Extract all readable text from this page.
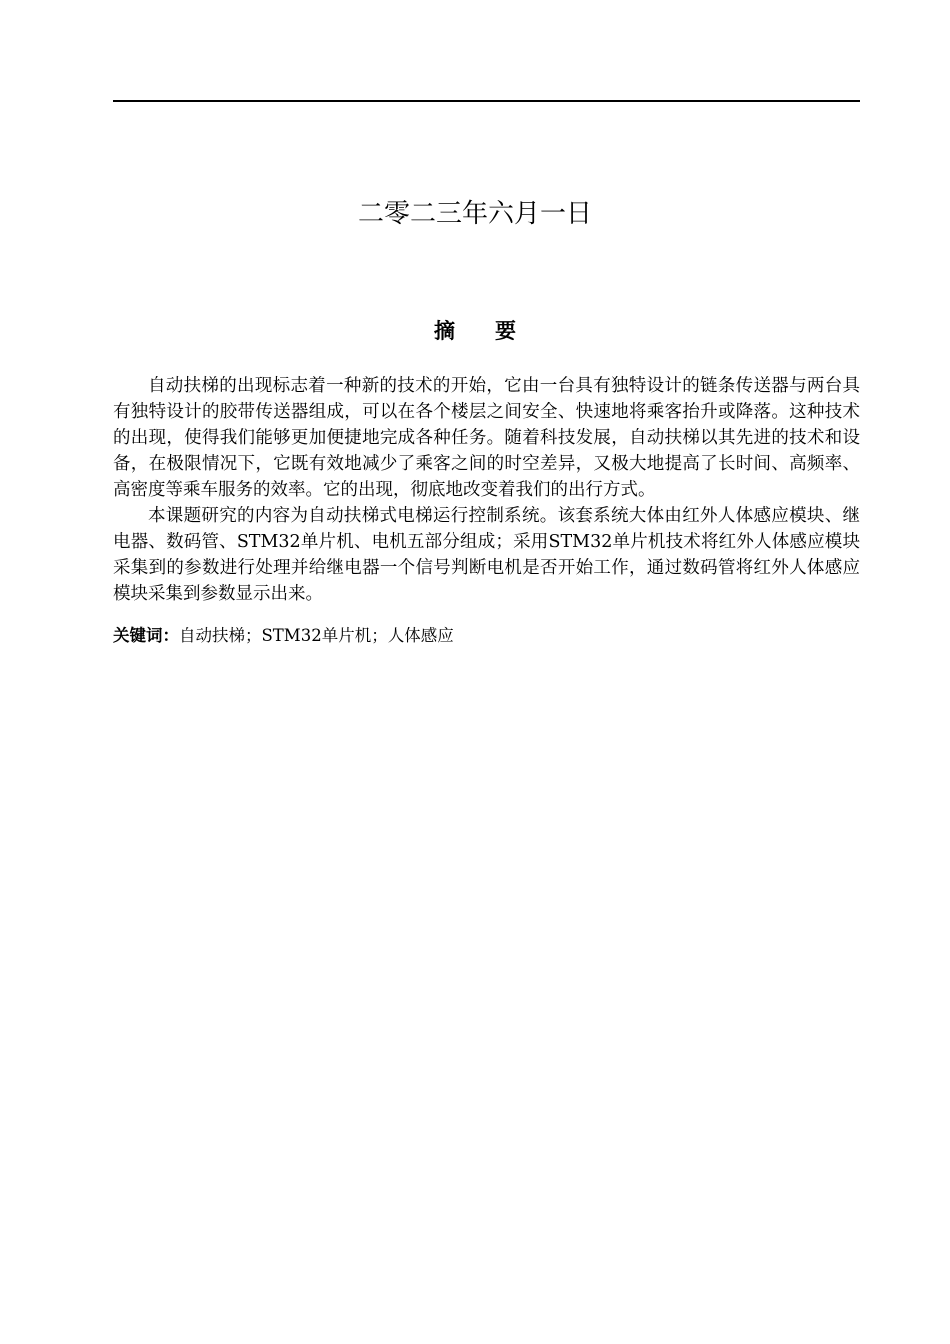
二零二三年六月一日
摘 要

自动扶梯的出现标志着一种新的技术的开始，它由一台具有独特设计的链条传送器与两台具有独特设计的胶带传送器组成，可以在各个楼层之间安全、快速地将乘客抬升或降落。这种技术的出现，使得我们能够更加便捷地完成各种任务。随着科技发展，自动扶梯以其先进的技术和设备，在极限情况下，它既有效地减少了乘客之间的时空差异，又极大地提高了长时间、高频率、高密度等乘车服务的效率。它的出现，彻底地改变着我们的出行方式。

本课题研究的内容为自动扶梯式电梯运行控制系统。该套系统大体由红外人体感应模块、继电器、数码管、STM32单片机、电机五部分组成；采用STM32单片机技术将红外人体感应模块采集到的参数进行处理并给继电器一个信号判断电机是否开始工作，通过数码管将红外人体感应模块采集到参数显示出来。

关键词：自动扶梯；STM32单片机；人体感应
